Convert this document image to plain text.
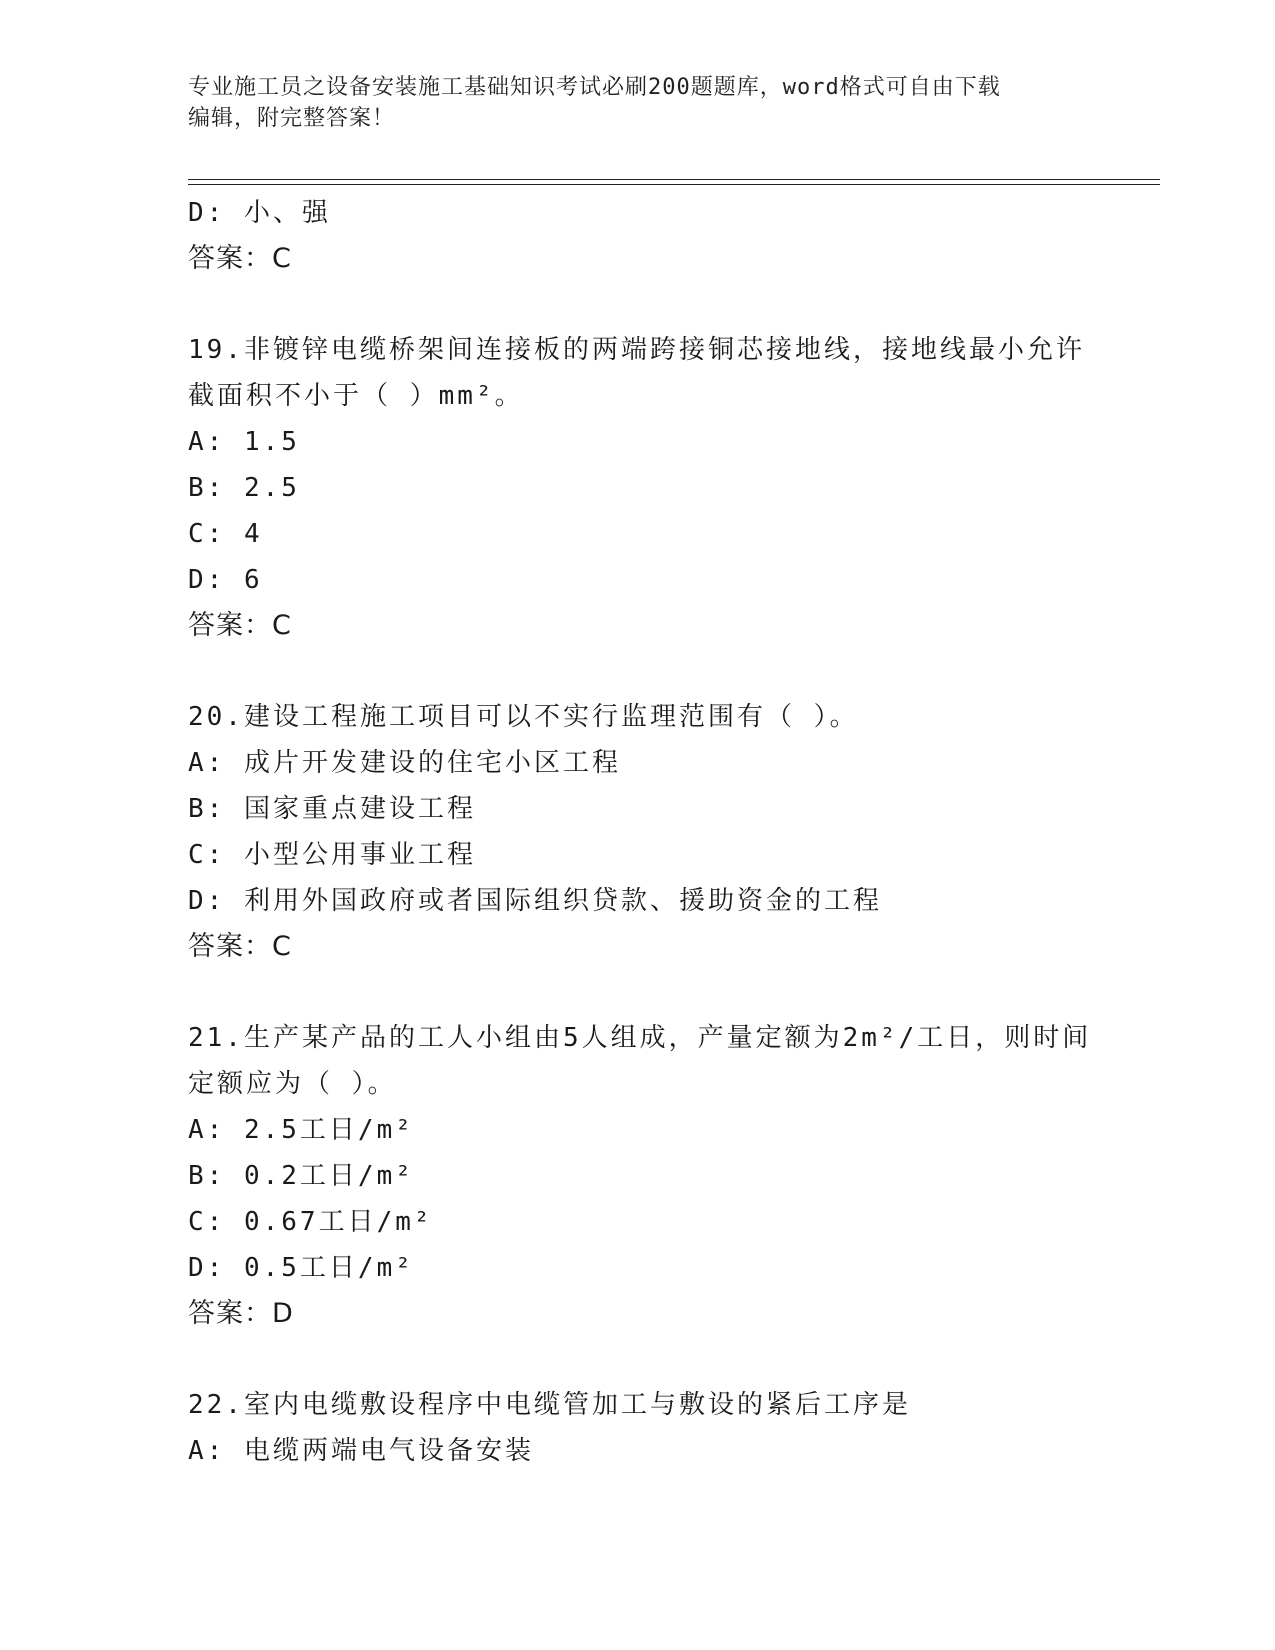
专业施工员之设备安装施工基础知识考试必刷200题题库，word格式可自由下载
编辑，附完整答案！
D: 小、强
答案：C
19.非镀锌电缆桥架间连接板的两端跨接铜芯接地线，接地线最小允许
截面积不小于（ ）mm²。
A: 1.5
B: 2.5
C: 4
D: 6
答案：C
20.建设工程施工项目可以不实行监理范围有（ ）。
A: 成片开发建设的住宅小区工程
B: 国家重点建设工程
C: 小型公用事业工程
D: 利用外国政府或者国际组织贷款、援助资金的工程
答案：C
21.生产某产品的工人小组由5人组成，产量定额为2m²/工日，则时间
定额应为（ ）。
A: 2.5工日/m²
B: 0.2工日/m²
C: 0.67工日/m²
D: 0.5工日/m²
答案：D
22.室内电缆敷设程序中电缆管加工与敷设的紧后工序是
A: 电缆两端电气设备安装
